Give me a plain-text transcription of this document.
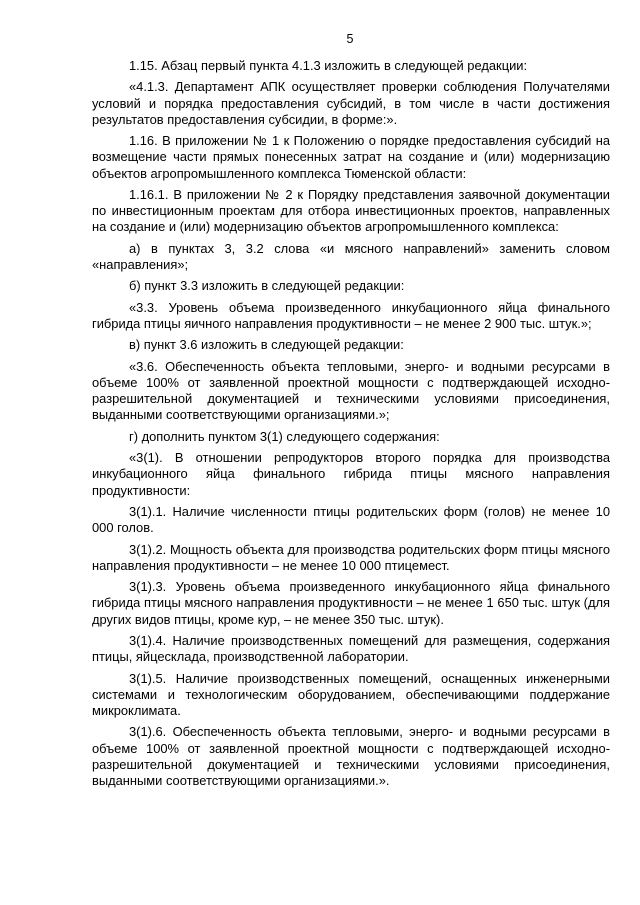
5

1.15. Абзац первый пункта 4.1.3 изложить в следующей редакции:

«4.1.3. Департамент АПК осуществляет проверки соблюдения Получателями условий и порядка предоставления субсидий, в том числе в части достижения результатов предоставления субсидии, в форме:».

1.16. В приложении № 1 к Положению о порядке предоставления субсидий на возмещение части прямых понесенных затрат на создание и (или) модернизацию объектов агропромышленного комплекса Тюменской области:

1.16.1. В приложении № 2 к Порядку представления заявочной документации по инвестиционным проектам для отбора инвестиционных проектов, направленных на создание и (или) модернизацию объектов агропромышленного комплекса:

а) в пунктах 3, 3.2 слова «и мясного направлений» заменить словом «направления»;

б) пункт 3.3 изложить в следующей редакции:

«3.3. Уровень объема произведенного инкубационного яйца финального гибрида птицы яичного направления продуктивности – не менее 2 900 тыс. штук.»;

в) пункт 3.6 изложить в следующей редакции:

«3.6. Обеспеченность объекта тепловыми, энерго- и водными ресурсами в объеме 100% от заявленной проектной мощности с подтверждающей исходно-разрешительной документацией и техническими условиями присоединения, выданными соответствующими организациями.»;

г) дополнить пунктом 3(1) следующего содержания:

«3(1). В отношении репродукторов второго порядка для производства инкубационного яйца финального гибрида птицы мясного направления продуктивности:

3(1).1. Наличие численности птицы родительских форм (голов) не менее 10 000 голов.

3(1).2. Мощность объекта для производства родительских форм птицы мясного направления продуктивности – не менее 10 000 птицемест.

3(1).3. Уровень объема произведенного инкубационного яйца финального гибрида птицы мясного направления продуктивности – не менее 1 650 тыс. штук (для других видов птицы, кроме кур, – не менее 350 тыс. штук).

3(1).4. Наличие производственных помещений для размещения, содержания птицы, яйцесклада, производственной лаборатории.

3(1).5. Наличие производственных помещений, оснащенных инженерными системами и технологическим оборудованием, обеспечивающими поддержание микроклимата.

3(1).6. Обеспеченность объекта тепловыми, энерго- и водными ресурсами в объеме 100% от заявленной проектной мощности с подтверждающей исходно-разрешительной документацией и техническими условиями присоединения, выданными соответствующими организациями.».
